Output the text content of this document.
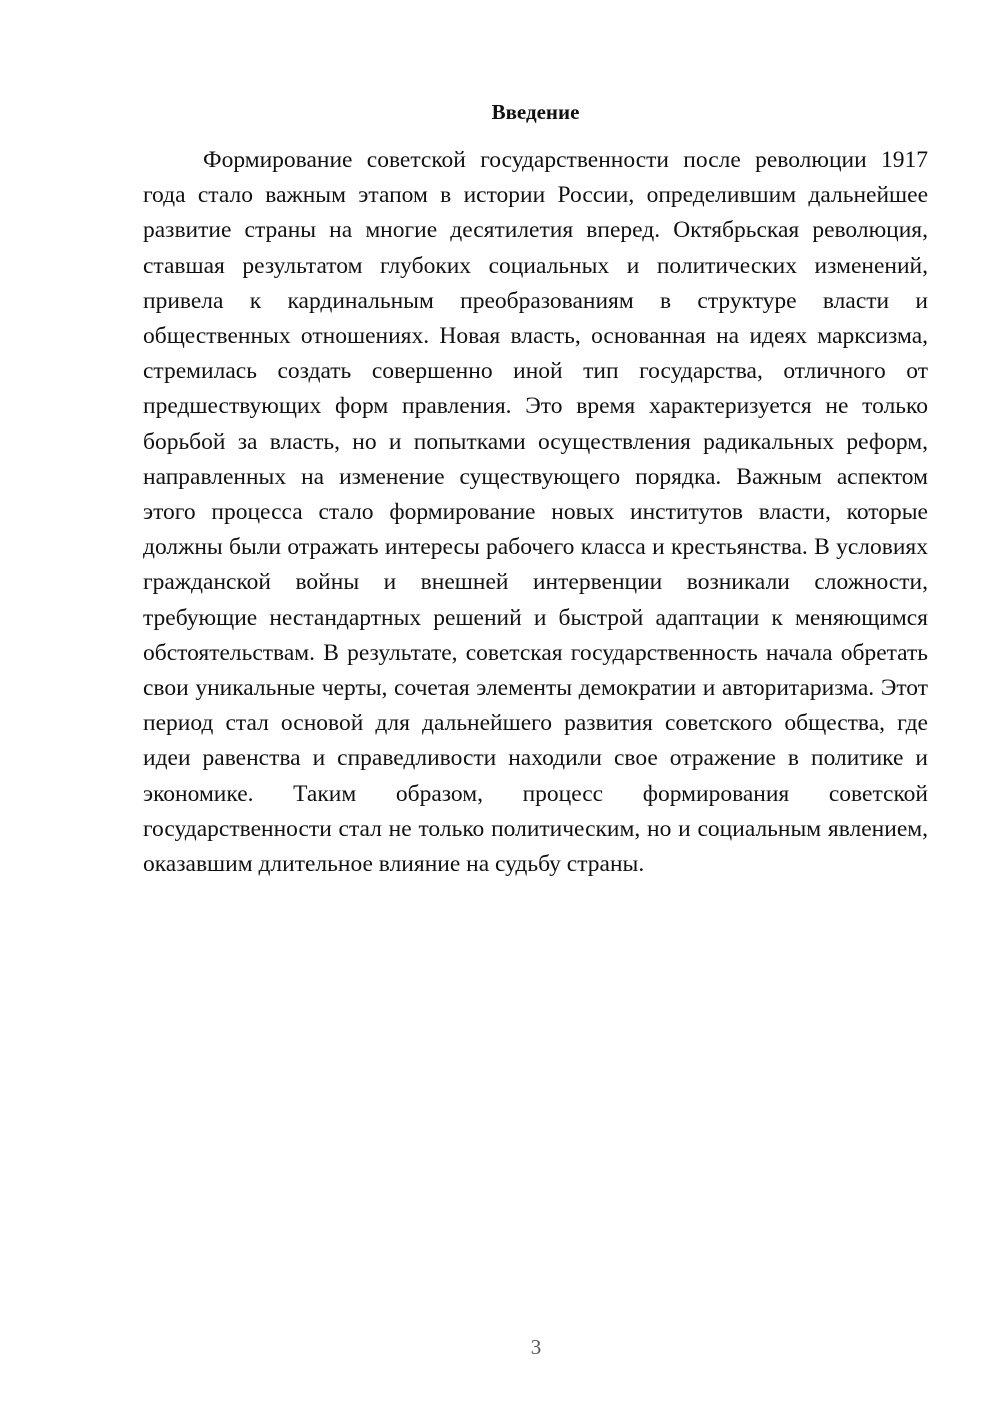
Введение

Формирование советской государственности после революции 1917 года стало важным этапом в истории России, определившим дальнейшее развитие страны на многие десятилетия вперед. Октябрьская революция, ставшая результатом глубоких социальных и политических изменений, привела к кардинальным преобразованиям в структуре власти и общественных отношениях. Новая власть, основанная на идеях марксизма, стремилась создать совершенно иной тип государства, отличного от предшествующих форм правления. Это время характеризуется не только борьбой за власть, но и попытками осуществления радикальных реформ, направленных на изменение существующего порядка. Важным аспектом этого процесса стало формирование новых институтов власти, которые должны были отражать интересы рабочего класса и крестьянства. В условиях гражданской войны и внешней интервенции возникали сложности, требующие нестандартных решений и быстрой адаптации к меняющимся обстоятельствам. В результате, советская государственность начала обретать свои уникальные черты, сочетая элементы демократии и авторитаризма. Этот период стал основой для дальнейшего развития советского общества, где идеи равенства и справедливости находили свое отражение в политике и экономике. Таким образом, процесс формирования советской государственности стал не только политическим, но и социальным явлением, оказавшим длительное влияние на судьбу страны.

3
